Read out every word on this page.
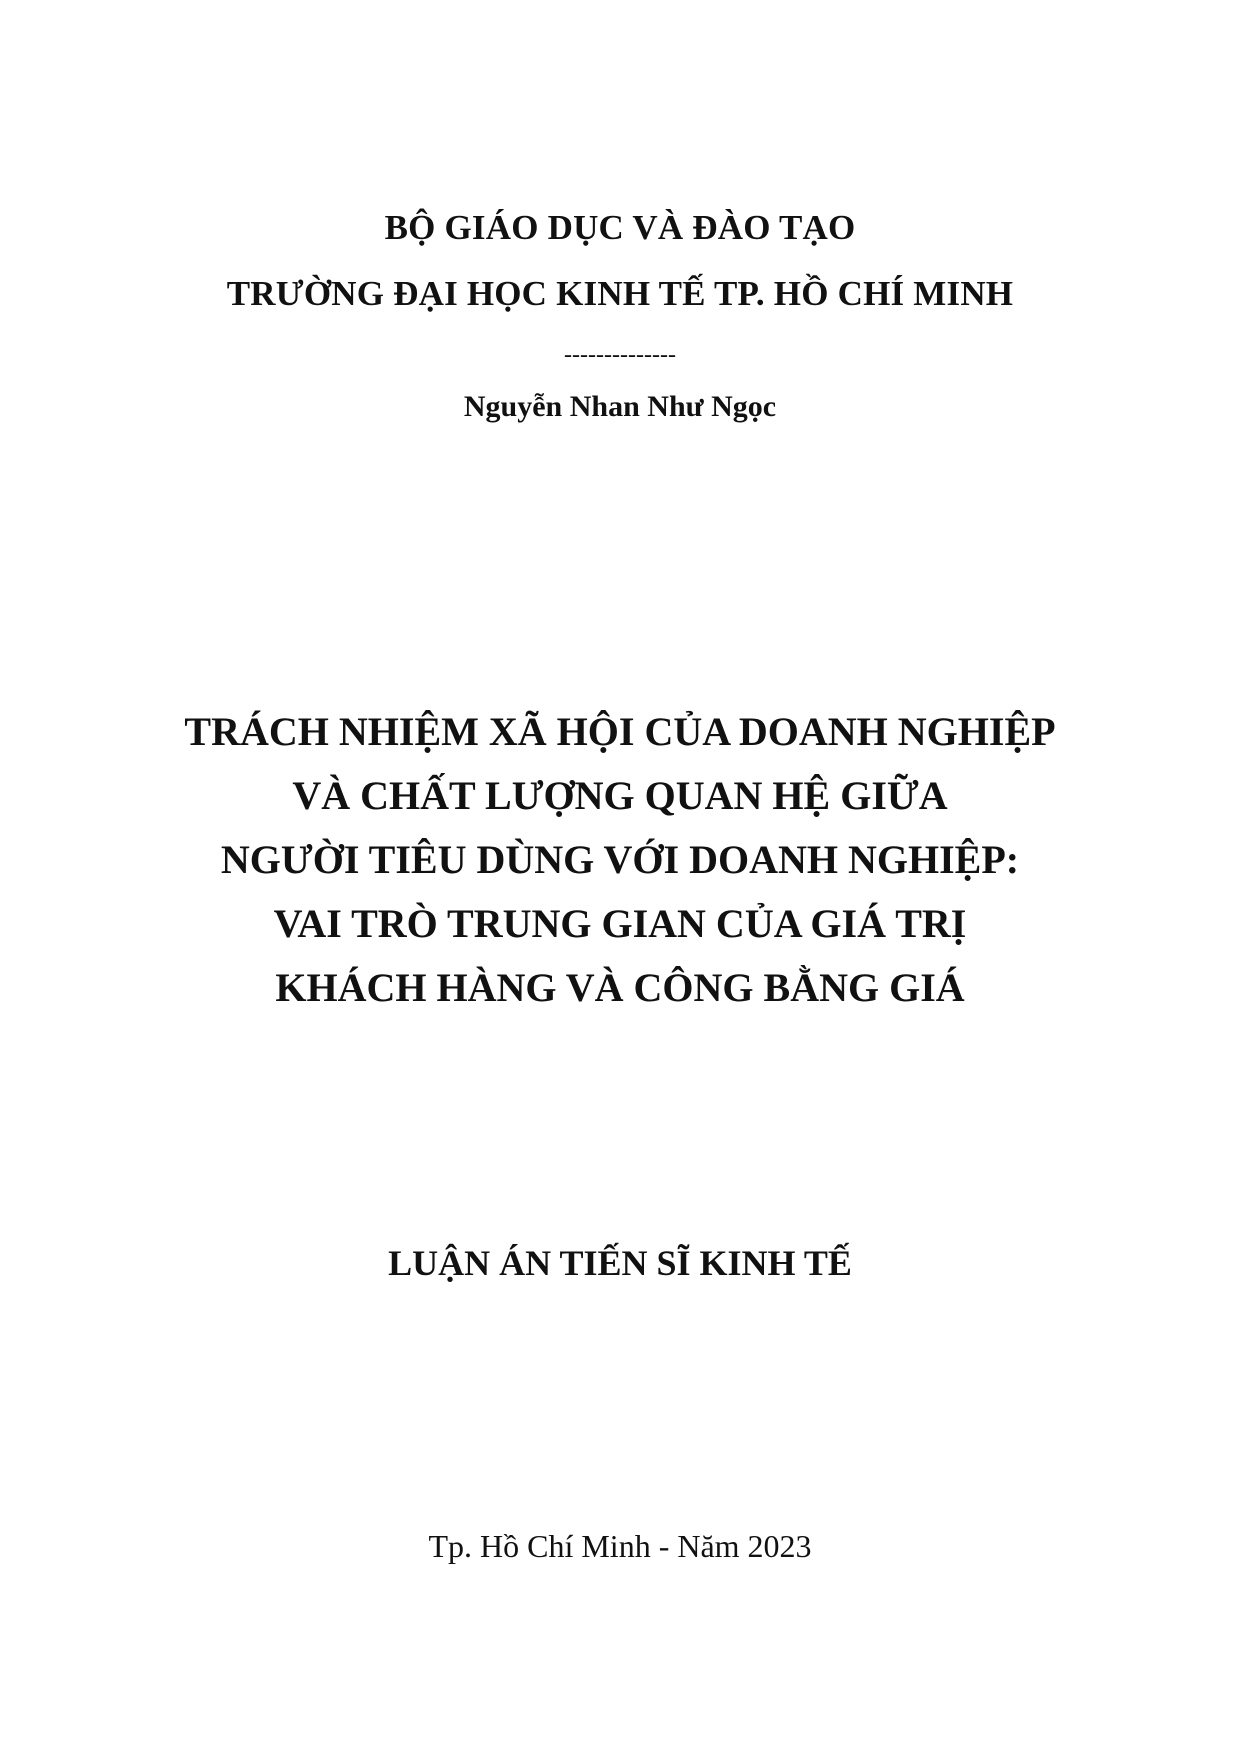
BỘ GIÁO DỤC VÀ ĐÀO TẠO
TRƯỜNG ĐẠI HỌC KINH TẾ TP. HỒ CHÍ MINH
--------------
Nguyễn Nhan Như Ngọc
TRÁCH NHIỆM XÃ HỘI CỦA DOANH NGHIỆP
VÀ CHẤT LƯỢNG QUAN HỆ GIỮA
NGƯỜI TIÊU DÙNG VỚI DOANH NGHIỆP:
VAI TRÒ TRUNG GIAN CỦA GIÁ TRỊ
KHÁCH HÀNG VÀ CÔNG BẰNG GIÁ
LUẬN ÁN TIẾN SĨ KINH TẾ
Tp. Hồ Chí Minh - Năm 2023
